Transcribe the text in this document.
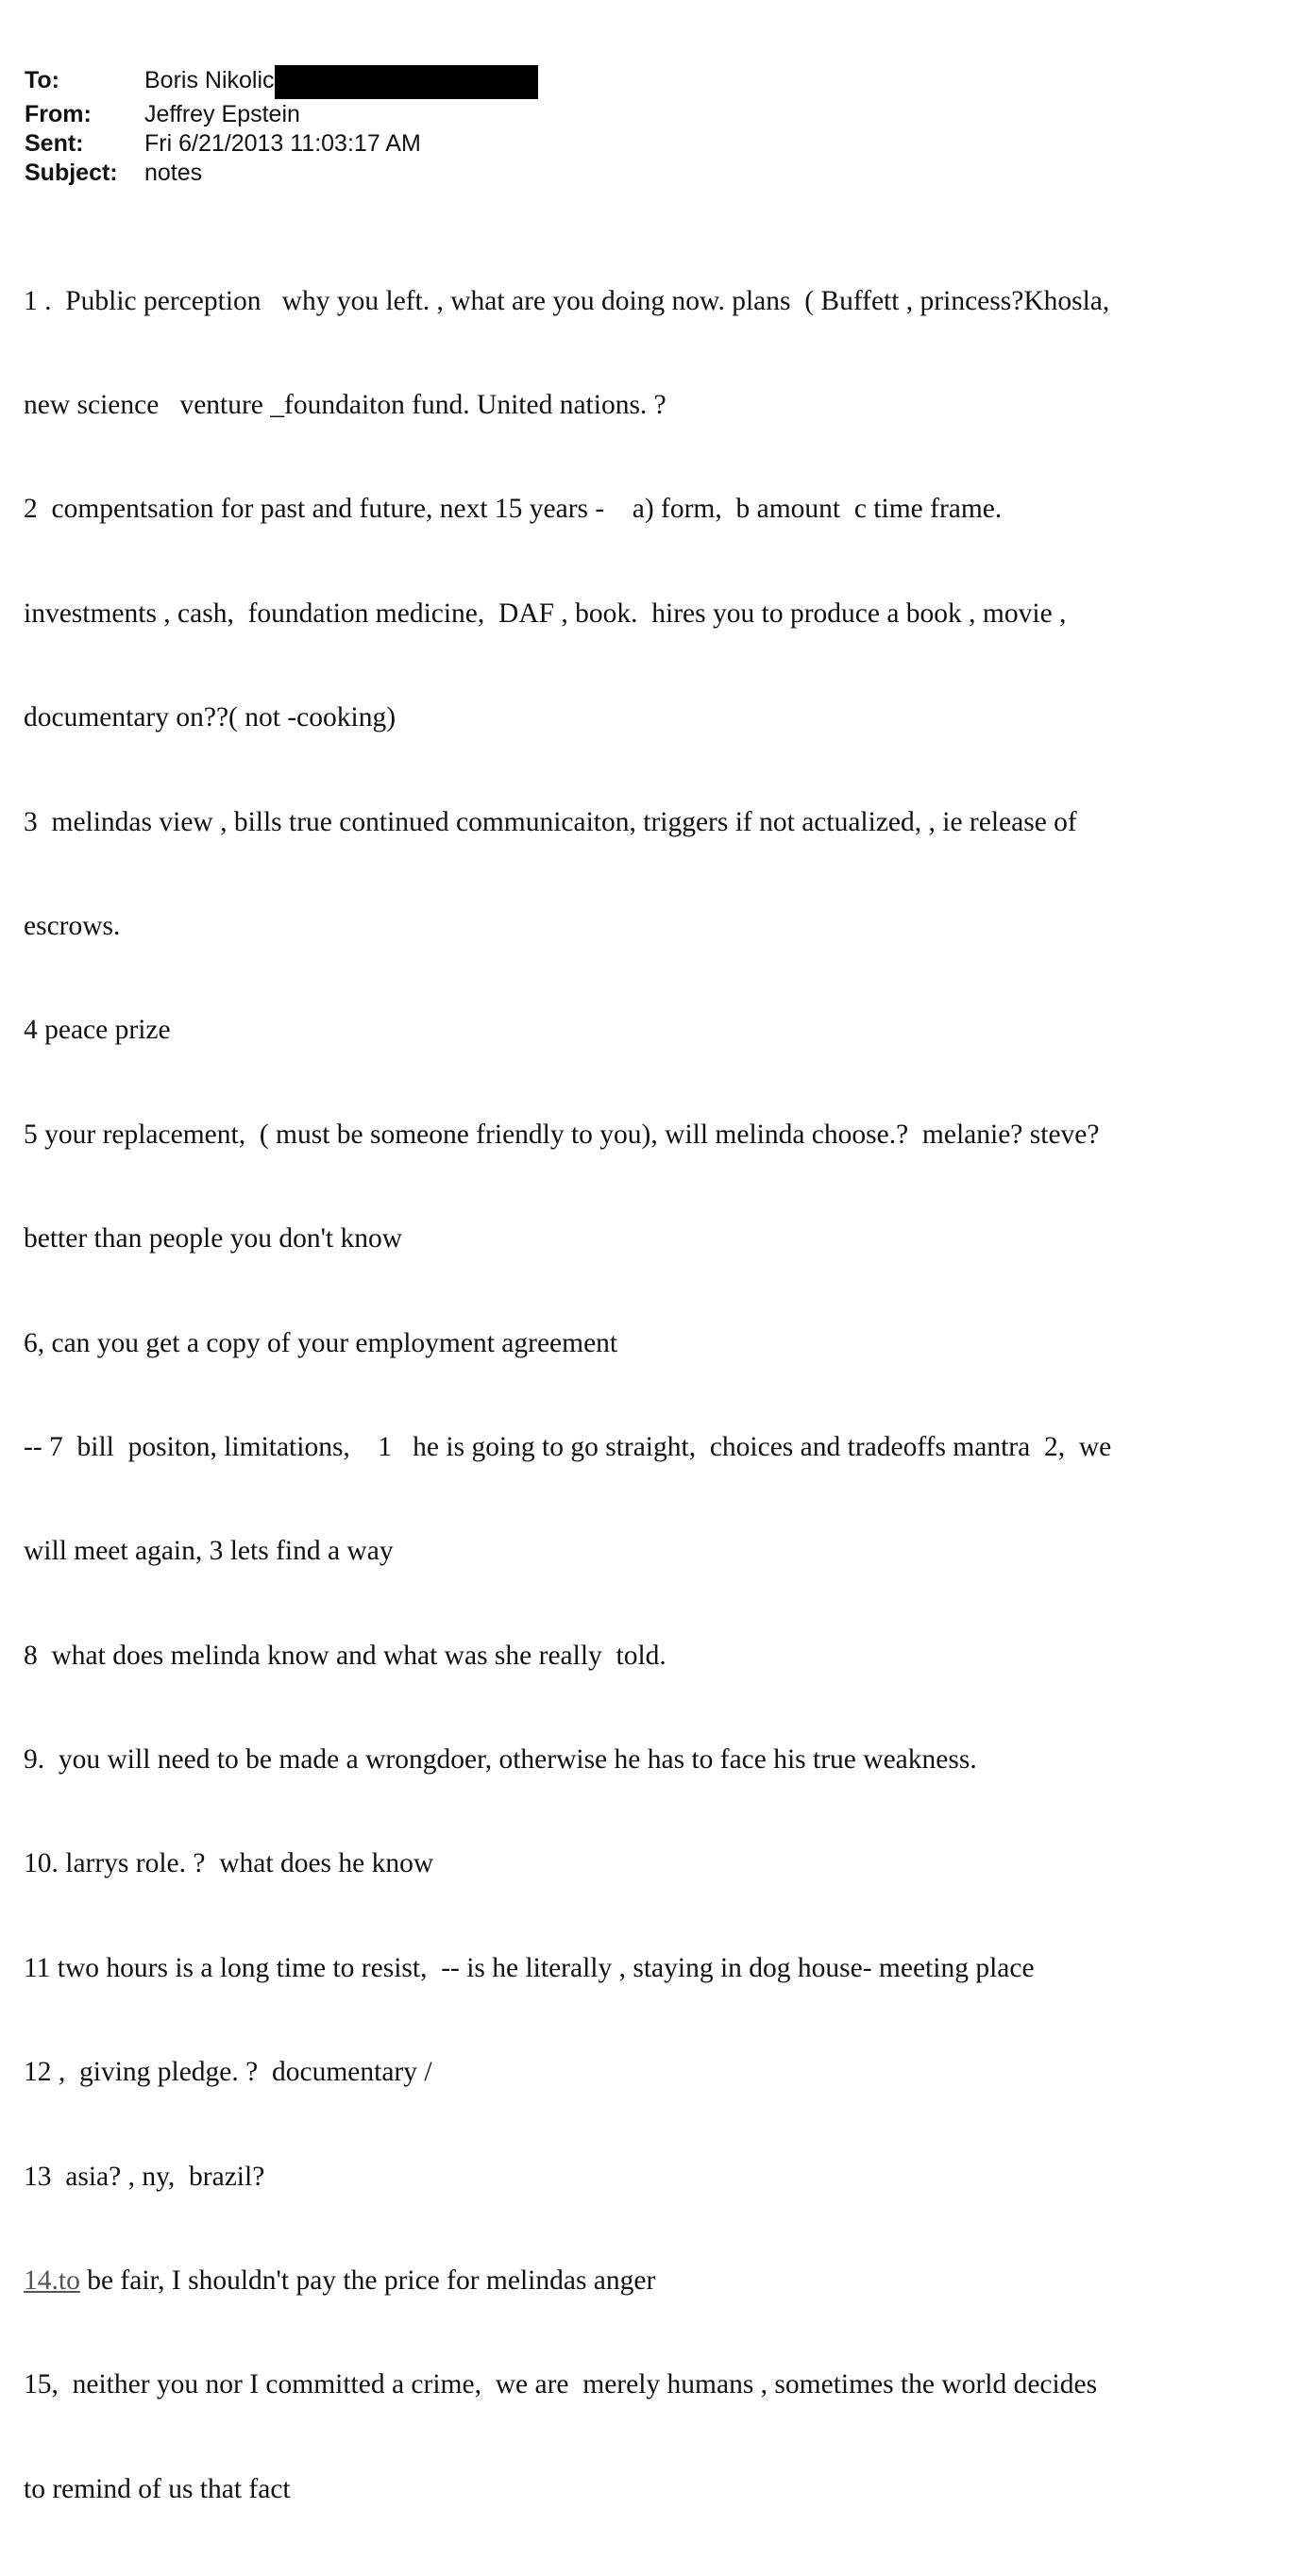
To:	Boris Nikolic
From:	Jeffrey Epstein
Sent:	Fri 6/21/2013 11:03:17 AM
Subject:	notes

1 .  Public perception   why you left. , what are you doing now. plans  ( Buffett , princess?Khosla,

new science   venture _foundaiton fund. United nations. ?

2  compentsation for past and future, next 15 years -    a) form,  b amount  c time frame.

investments , cash,  foundation medicine,  DAF , book.  hires you to produce a book , movie ,

documentary on??( not -cooking)

3  melindas view , bills true continued communicaiton, triggers if not actualized, , ie release of

escrows.

4 peace prize

5 your replacement,  ( must be someone friendly to you), will melinda choose.?  melanie? steve?

better than people you don't know

6, can you get a copy of your employment agreement

-- 7  bill  positon, limitations,    1   he is going to go straight,  choices and tradeoffs mantra  2,  we

will meet again, 3 lets find a way

8  what does melinda know and what was she really  told.

9.  you will need to be made a wrongdoer, otherwise he has to face his true weakness.

10. larrys role. ?  what does he know

11 two hours is a long time to resist,  -- is he literally , staying in dog house- meeting place

12 ,  giving pledge. ?  documentary /

13  asia? , ny,  brazil?

14.to be fair, I shouldn't pay the price for melindas anger

15,  neither you nor I committed a crime,  we are  merely humans , sometimes the world decides

to remind of us that fact
